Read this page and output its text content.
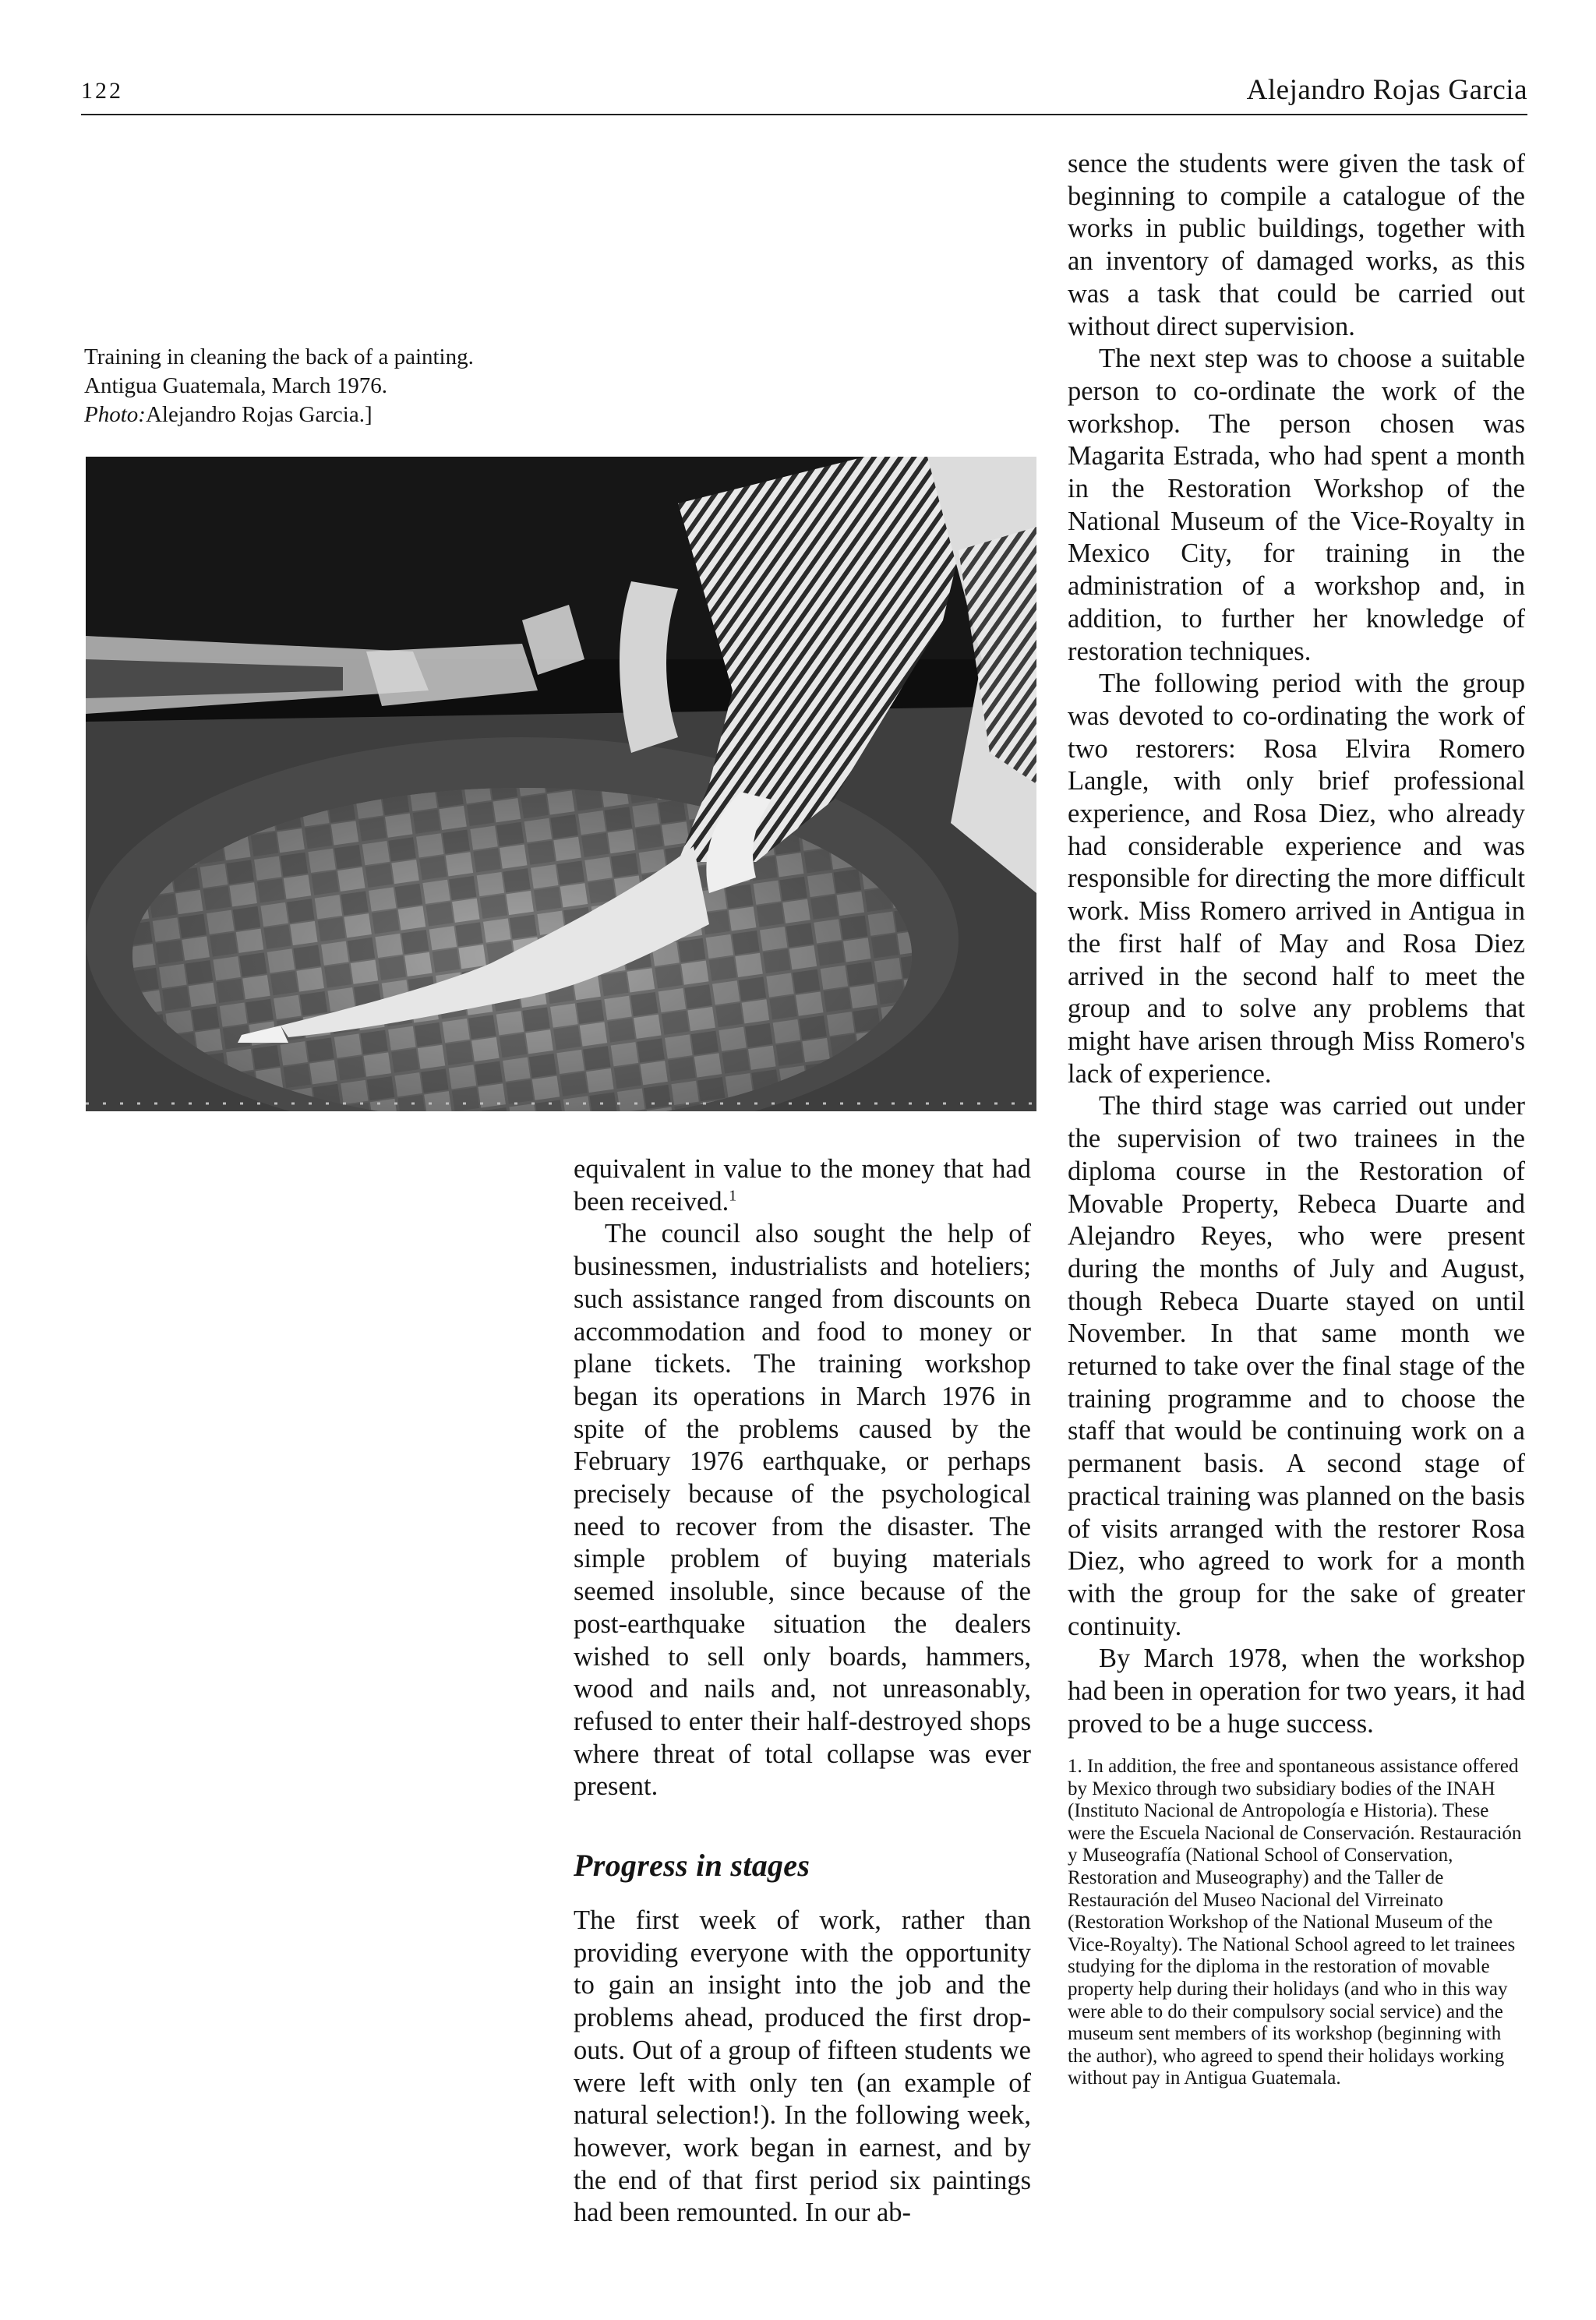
122	Alejandro Rojas Garcia

Training in cleaning the back of a painting.

Antigua Guatemala, March 1976.

Photo:Alejandro Rojas Garcia.]

equivalent in value to the money that had been received.$^1$

The council also sought the help of businessmen, industrialists and hoteliers; such assistance ranged from discounts on accommodation and food to money or plane tickets. The training workshop began its operations in March 1976 in spite of the problems caused by the February 1976 earthquake, or perhaps precisely because of the psychological need to recover from the disaster. The simple problem of buying materials seemed insoluble, since because of the post-earthquake situation the dealers wished to sell only boards, hammers, wood and nails and, not unreasonably, refused to enter their half-destroyed shops where threat of total collapse was ever present.

Progress in stages

The first week of work, rather than providing everyone with the opportunity to gain an insight into the job and the problems ahead, produced the first drop-outs. Out of a group of fifteen students we were left with only ten (an example of natural selection!). In the following week, however, work began in earnest, and by the end of that first period six paintings had been remounted. In our ab-

sence the students were given the task of beginning to compile a catalogue of the works in public buildings, together with an inventory of damaged works, as this was a task that could be carried out without direct supervision.

The next step was to choose a suitable person to co-ordinate the work of the workshop. The person chosen was Magarita Estrada, who had spent a month in the Restoration Workshop of the National Museum of the Vice-Royalty in Mexico City, for training in the administration of a workshop and, in addition, to further her knowledge of restoration techniques.

The following period with the group was devoted to co-ordinating the work of two restorers: Rosa Elvira Romero Langle, with only brief professional experience, and Rosa Diez, who already had considerable experience and was responsible for directing the more difficult work. Miss Romero arrived in Antigua in the first half of May and Rosa Diez arrived in the second half to meet the group and to solve any problems that might have arisen through Miss Romero's lack of experience.

The third stage was carried out under the supervision of two trainees in the diploma course in the Restoration of Movable Property, Rebeca Duarte and Alejandro Reyes, who were present during the months of July and August, though Rebeca Duarte stayed on until November. In that same month we returned to take over the final stage of the training programme and to choose the staff that would be continuing work on a permanent basis. A second stage of practical training was planned on the basis of visits arranged with the restorer Rosa Diez, who agreed to work for a month with the group for the sake of greater continuity.

By March 1978, when the workshop had been in operation for two years, it had proved to be a huge success.

1. In addition, the free and spontaneous assistance offered by Mexico through two subsidiary bodies of the INAH (Instituto Nacional de Antropología e Historia). These were the Escuela Nacional de Conservación. Restauración y Museografía (National School of Conservation, Restoration and Museography) and the Taller de Restauración del Museo Nacional del Virreinato (Restoration Workshop of the National Museum of the Vice-Royalty). The National School agreed to let trainees studying for the diploma in the restoration of movable property help during their holidays (and who in this way were able to do their compulsory social service) and the museum sent members of its workshop (beginning with the author), who agreed to spend their holidays working without pay in Antigua Guatemala.
